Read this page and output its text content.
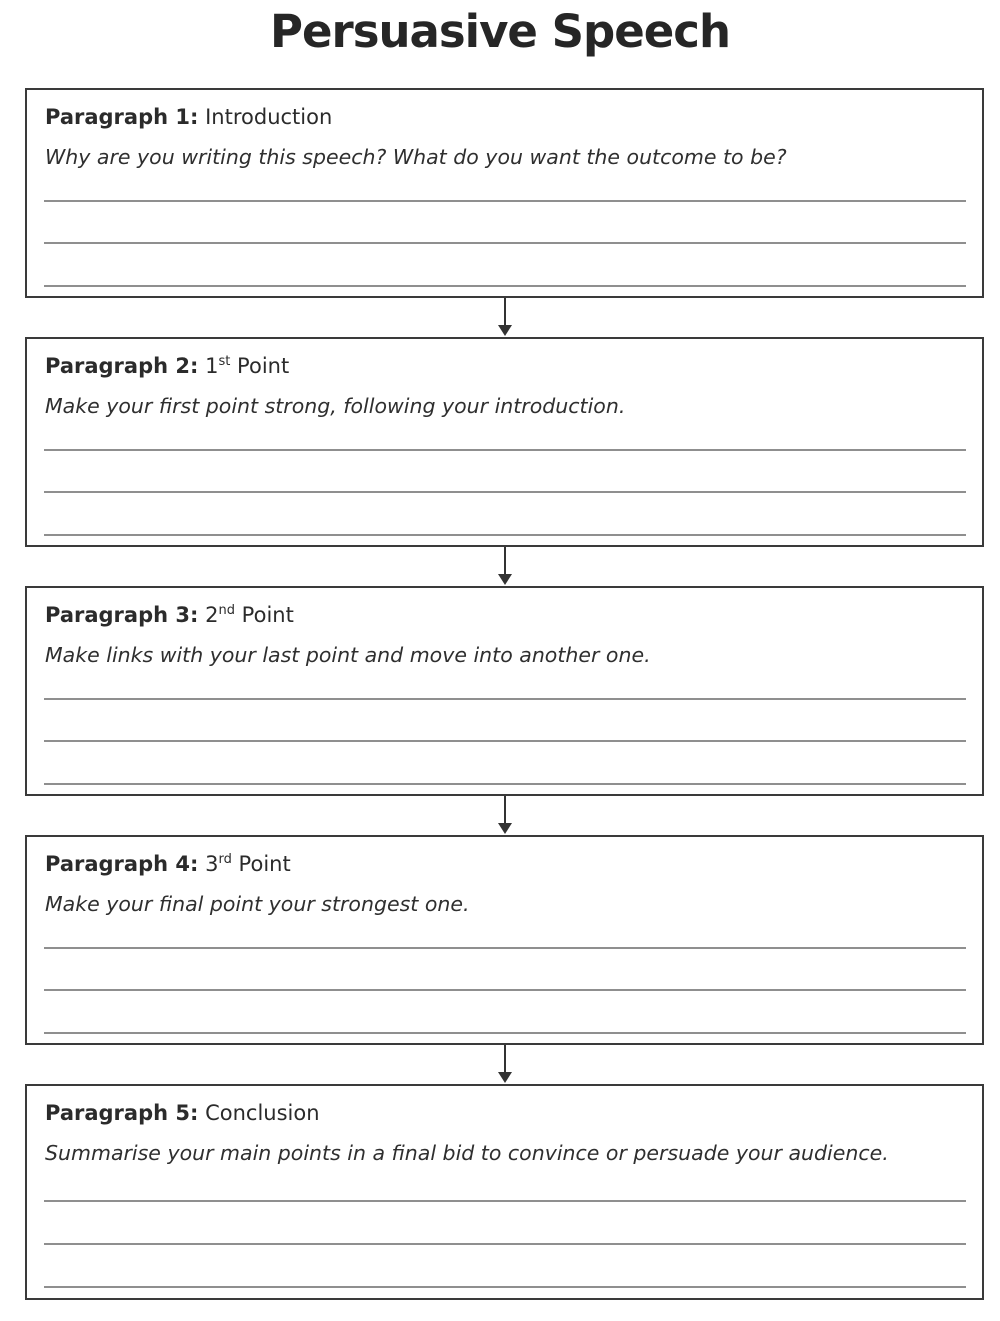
Persuasive Speech
Paragraph 1: Introduction

Why are you writing this speech? What do you want the outcome to be?

Paragraph 2: 1st Point

Make your first point strong, following your introduction.

Paragraph 3: 2nd Point

Make links with your last point and move into another one.

Paragraph 4: 3rd Point

Make your final point your strongest one.

Paragraph 5: Conclusion

Summarise your main points in a final bid to convince or persuade your audience.
